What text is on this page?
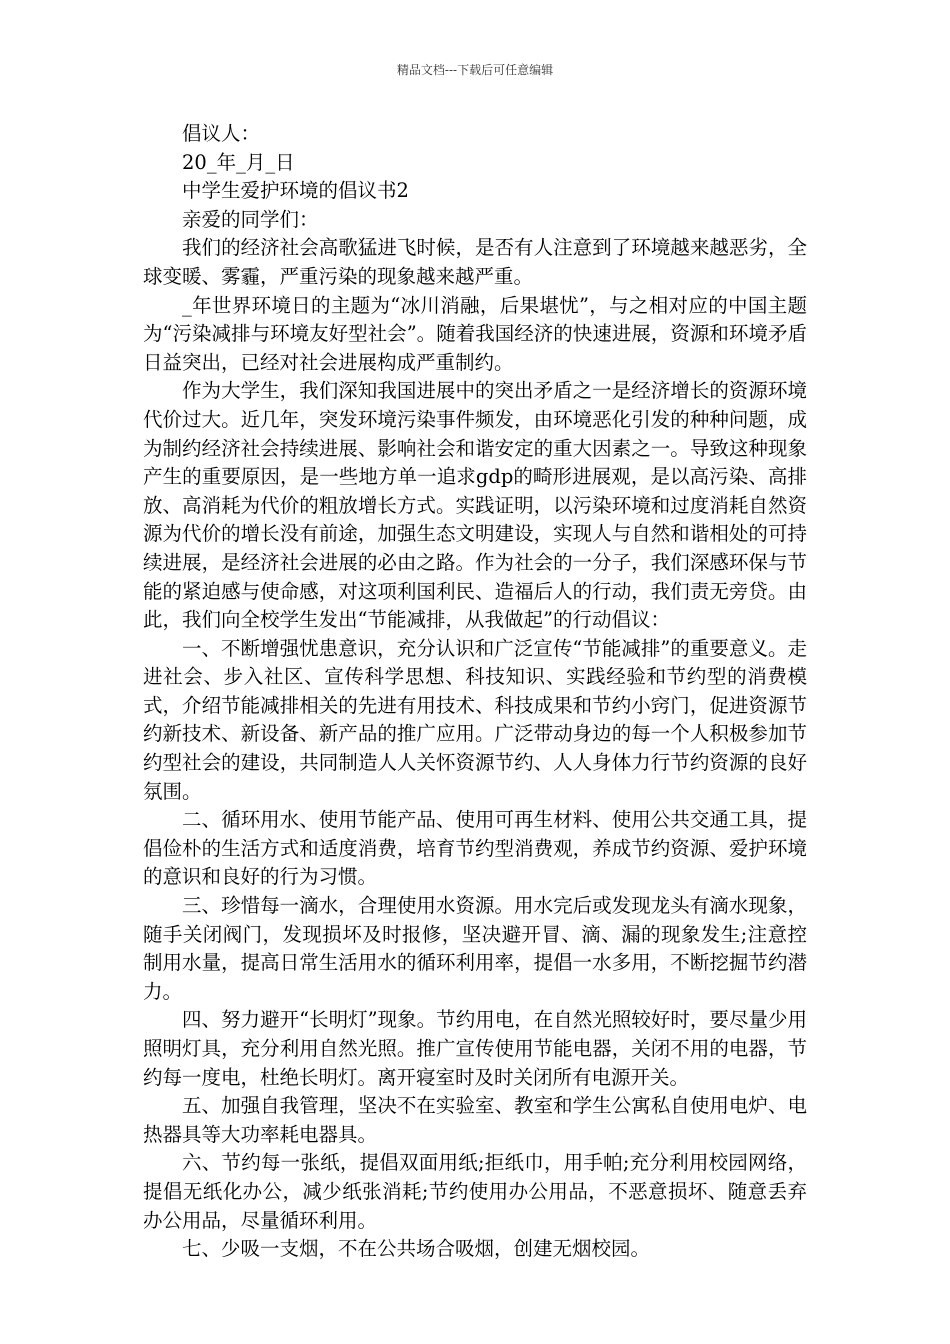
精品文档---下载后可任意编辑

倡议人：

20_年_月_日

中学生爱护环境的倡议书2

亲爱的同学们：

我们的经济社会高歌猛进飞时候，是否有人注意到了环境越来越恶劣，全球变暖、雾霾，严重污染的现象越来越严重。

_年世界环境日的主题为“冰川消融，后果堪忧”，与之相对应的中国主题为“污染减排与环境友好型社会”。随着我国经济的快速进展，资源和环境矛盾日益突出，已经对社会进展构成严重制约。

作为大学生，我们深知我国进展中的突出矛盾之一是经济增长的资源环境代价过大。近几年，突发环境污染事件频发，由环境恶化引发的种种问题，成为制约经济社会持续进展、影响社会和谐安定的重大因素之一。导致这种现象产生的重要原因，是一些地方单一追求gdp的畸形进展观，是以高污染、高排放、高消耗为代价的粗放增长方式。实践证明，以污染环境和过度消耗自然资源为代价的增长没有前途，加强生态文明建设，实现人与自然和谐相处的可持续进展，是经济社会进展的必由之路。作为社会的一分子，我们深感环保与节能的紧迫感与使命感，对这项利国利民、造福后人的行动，我们责无旁贷。由此，我们向全校学生发出“节能减排，从我做起”的行动倡议：

一、不断增强忧患意识，充分认识和广泛宣传“节能减排”的重要意义。走进社会、步入社区、宣传科学思想、科技知识、实践经验和节约型的消费模式，介绍节能减排相关的先进有用技术、科技成果和节约小窍门，促进资源节约新技术、新设备、新产品的推广应用。广泛带动身边的每一个人积极参加节约型社会的建设，共同制造人人关怀资源节约、人人身体力行节约资源的良好氛围。

二、循环用水、使用节能产品、使用可再生材料、使用公共交通工具，提倡俭朴的生活方式和适度消费，培育节约型消费观，养成节约资源、爱护环境的意识和良好的行为习惯。

三、珍惜每一滴水，合理使用水资源。用水完后或发现龙头有滴水现象，随手关闭阀门，发现损坏及时报修，坚决避开冒、滴、漏的现象发生;注意控制用水量，提高日常生活用水的循环利用率，提倡一水多用，不断挖掘节约潜力。

四、努力避开“长明灯”现象。节约用电，在自然光照较好时，要尽量少用照明灯具，充分利用自然光照。推广宣传使用节能电器，关闭不用的电器，节约每一度电，杜绝长明灯。离开寝室时及时关闭所有电源开关。

五、加强自我管理，坚决不在实验室、教室和学生公寓私自使用电炉、电热器具等大功率耗电器具。

六、节约每一张纸，提倡双面用纸;拒纸巾，用手帕;充分利用校园网络，提倡无纸化办公，减少纸张消耗;节约使用办公用品，不恶意损坏、随意丢弃办公用品，尽量循环利用。

七、少吸一支烟，不在公共场合吸烟，创建无烟校园。
